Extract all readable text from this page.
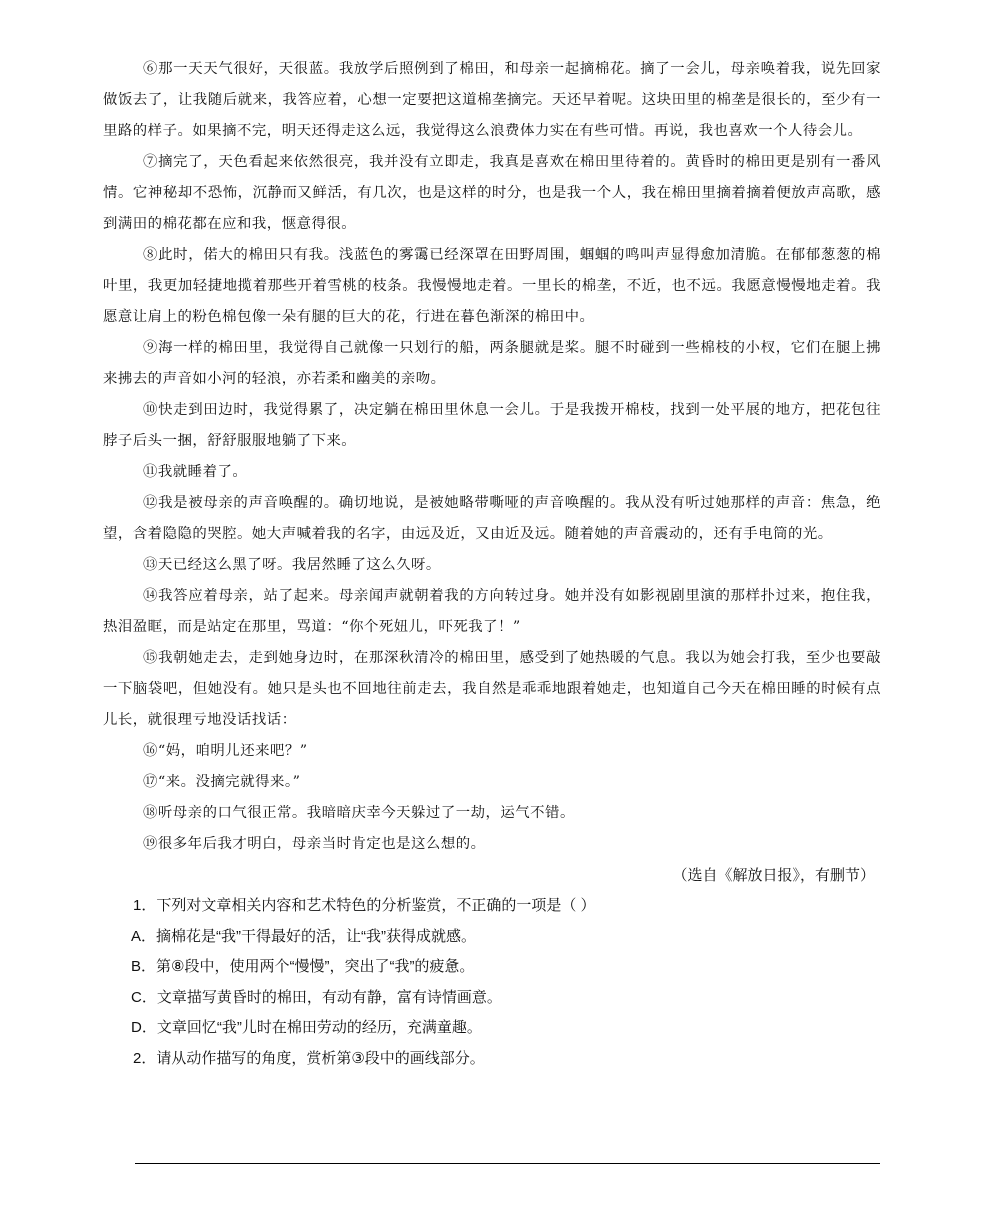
⑥那一天天气很好，天很蓝。我放学后照例到了棉田，和母亲一起摘棉花。摘了一会儿，母亲唤着我，说先回家做饭去了，让我随后就来，我答应着，心想一定要把这道棉垄摘完。天还早着呢。这块田里的棉垄是很长的，至少有一里路的样子。如果摘不完，明天还得走这么远，我觉得这么浪费体力实在有些可惜。再说，我也喜欢一个人待会儿。

⑦摘完了，天色看起来依然很亮，我并没有立即走，我真是喜欢在棉田里待着的。黄昏时的棉田更是别有一番风情。它神秘却不恐怖，沉静而又鲜活，有几次，也是这样的时分，也是我一个人，我在棉田里摘着摘着便放声高歌，感到满田的棉花都在应和我，惬意得很。

⑧此时，偌大的棉田只有我。浅蓝色的雾霭已经深罩在田野周围，蝈蝈的鸣叫声显得愈加清脆。在郁郁葱葱的棉叶里，我更加轻捷地揽着那些开着雪桃的枝条。我慢慢地走着。一里长的棉垄，不近，也不远。我愿意慢慢地走着。我愿意让肩上的粉色棉包像一朵有腿的巨大的花，行进在暮色渐深的棉田中。

⑨海一样的棉田里，我觉得自己就像一只划行的船，两条腿就是桨。腿不时碰到一些棉枝的小杈，它们在腿上拂来拂去的声音如小河的轻浪，亦若柔和幽美的亲吻。

⑩快走到田边时，我觉得累了，决定躺在棉田里休息一会儿。于是我拨开棉枝，找到一处平展的地方，把花包往脖子后头一捆，舒舒服服地躺了下来。

⑪我就睡着了。

⑫我是被母亲的声音唤醒的。确切地说，是被她略带嘶哑的声音唤醒的。我从没有听过她那样的声音：焦急，绝望，含着隐隐的哭腔。她大声喊着我的名字，由远及近，又由近及远。随着她的声音震动的，还有手电筒的光。

⑬天已经这么黑了呀。我居然睡了这么久呀。

⑭我答应着母亲，站了起来。母亲闻声就朝着我的方向转过身。她并没有如影视剧里演的那样扑过来，抱住我，热泪盈眶，而是站定在那里，骂道：“你个死妞儿，吓死我了！”

⑮我朝她走去，走到她身边时，在那深秋清冷的棉田里，感受到了她热暖的气息。我以为她会打我，至少也要敲一下脑袋吧，但她没有。她只是头也不回地往前走去，我自然是乖乖地跟着她走，也知道自己今天在棉田睡的时候有点儿长，就很理亏地没话找话：

⑯“妈，咱明儿还来吧？”

⑰“来。没摘完就得来。”

⑱听母亲的口气很正常。我暗暗庆幸今天躲过了一劫，运气不错。

⑲很多年后我才明白，母亲当时肯定也是这么想的。

（选自《解放日报》，有删节）

1．下列对文章相关内容和艺术特色的分析鉴赏，不正确的一项是（ ）

A．摘棉花是“我”干得最好的活，让“我”获得成就感。

B．第⑧段中，使用两个“慢慢”，突出了“我”的疲惫。

C．文章描写黄昏时的棉田，有动有静，富有诗情画意。

D．文章回忆“我”儿时在棉田劳动的经历，充满童趣。

2．请从动作描写的角度，赏析第③段中的画线部分。
